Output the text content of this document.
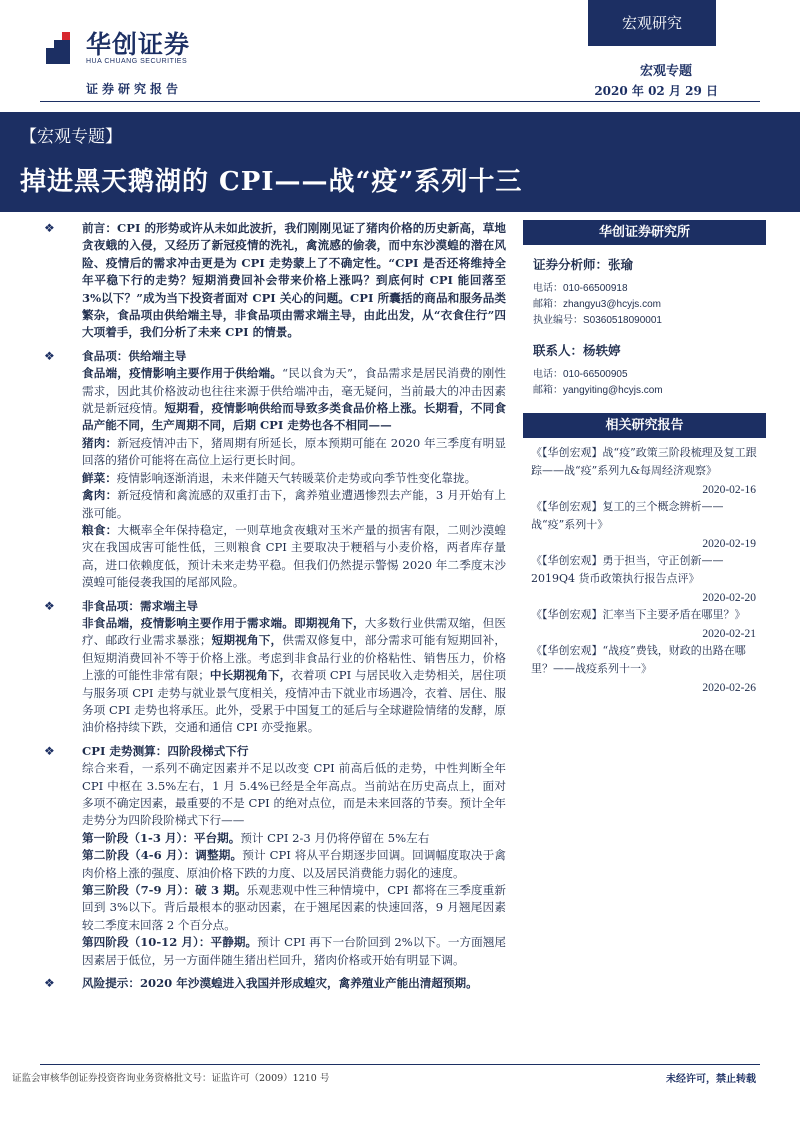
宏观研究
华创证券
HUA CHUANG SECURITIES
证券研究报告
宏观专题
2020 年 02 月 29 日
【宏观专题】
掉进黑天鹅湖的 CPI——战“疫”系列十三
❖ 前言：CPI 的形势或许从未如此波折，我们刚刚见证了猪肉价格的历史新高，草地贪夜蛾的入侵，又经历了新冠疫情的洗礼，禽流感的偷袭，而中东沙漠蝗的潜在风险、疫情后的需求冲击更是为 CPI 走势蒙上了不确定性。“CPI 是否还将维持全年平稳下行的走势？短期消费回补会带来价格上涨吗？到底何时 CPI 能回落至 3%以下？”成为当下投资者面对 CPI 关心的问题。CPI 所囊括的商品和服务品类繁杂，食品项由供给端主导，非食品项由需求端主导，由此出发，从“衣食住行”四大项着手，我们分析了未来 CPI 的情景。
❖ 食品项：供给端主导
食品端，疫情影响主要作用于供给端。“民以食为天”，食品需求是居民消费的刚性需求，因此其价格波动也往往来源于供给端冲击，毫无疑问，当前最大的冲击因素就是新冠疫情。短期看，疫情影响供给而导致多类食品价格上涨。长期看，不同食品产能不同，生产周期不同，后期 CPI 走势也各不相同——
猪肉：新冠疫情冲击下，猪周期有所延长，原本预期可能在 2020 年三季度有明显回落的猪价可能将在高位上运行更长时间。
鲜菜：疫情影响逐渐消退，未来伴随天气转暖菜价走势或向季节性变化靠拢。
禽肉：新冠疫情和禽流感的双重打击下，禽养殖业遭遇惨烈去产能，3 月开始有上涨可能。
粮食：大概率全年保持稳定，一则草地贪夜蛾对玉米产量的损害有限，二则沙漠蝗灾在我国成害可能性低，三则粮食 CPI 主要取决于粳稻与小麦价格，两者库存量高，进口依赖度低，预计未来走势平稳。但我们仍然提示警惕 2020 年二季度末沙漠蝗可能侵袭我国的尾部风险。
❖ 非食品项：需求端主导
非食品端，疫情影响主要作用于需求端。即期视角下，大多数行业供需双缩，但医疗、邮政行业需求暴涨；短期视角下，供需双修复中，部分需求可能有短期回补，但短期消费回补不等于价格上涨。考虑到非食品行业的价格粘性、销售压力，价格上涨的可能性非常有限；中长期视角下，衣着项 CPI 与居民收入走势相关，居住项与服务项 CPI 走势与就业景气度相关，疫情冲击下就业市场遇冷，衣着、居住、服务项 CPI 走势也将承压。此外，受累于中国复工的延后与全球避险情绪的发酵，原油价格持续下跌，交通和通信 CPI 亦受拖累。
❖ CPI 走势测算：四阶段梯式下行
综合来看，一系列不确定因素并不足以改变 CPI 前高后低的走势，中性判断全年 CPI 中枢在 3.5%左右，1 月 5.4%已经是全年高点。当前站在历史高点上，面对多项不确定因素，最重要的不是 CPI 的绝对点位，而是未来回落的节奏。预计全年走势分为四阶段阶梯式下行——
第一阶段（1-3 月）：平台期。预计 CPI 2-3 月仍将停留在 5%左右
第二阶段（4-6 月）：调整期。预计 CPI 将从平台期逐步回调。回调幅度取决于禽肉价格上涨的强度、原油价格下跌的力度、以及居民消费能力弱化的速度。
第三阶段（7-9 月）：破 3 期。乐观悲观中性三种情境中，CPI 都将在三季度重新回到 3%以下。背后最根本的驱动因素，在于翘尾因素的快速回落，9 月翘尾因素较二季度末回落 2 个百分点。
第四阶段（10-12 月）：平静期。预计 CPI 再下一台阶回到 2%以下。一方面翘尾因素居于低位，另一方面伴随生猪出栏回升，猪肉价格或开始有明显下调。
❖ 风险提示：2020 年沙漠蝗进入我国并形成蝗灾，禽养殖业产能出清超预期。
华创证券研究所
证券分析师：张瑜
电话：010-66500918
邮箱：zhangyu3@hcyjs.com
执业编号：S0360518090001
联系人：杨轶婷
电话：010-66500905
邮箱：yangyiting@hcyjs.com
相关研究报告
《【华创宏观】战“疫”政策三阶段梳理及复工跟踪——战“疫”系列九&每周经济观察》
2020-02-16
《【华创宏观】复工的三个概念辨析——战“疫”系列十》
2020-02-19
《【华创宏观】勇于担当，守正创新——2019Q4 货币政策执行报告点评》
2020-02-20
《【华创宏观】汇率当下主要矛盾在哪里？》
2020-02-21
《【华创宏观】“战疫”费钱，财政的出路在哪里？——战疫系列十一》
2020-02-26
证监会审核华创证券投资咨询业务资格批文号：证监许可（2009）1210 号	未经许可，禁止转载
